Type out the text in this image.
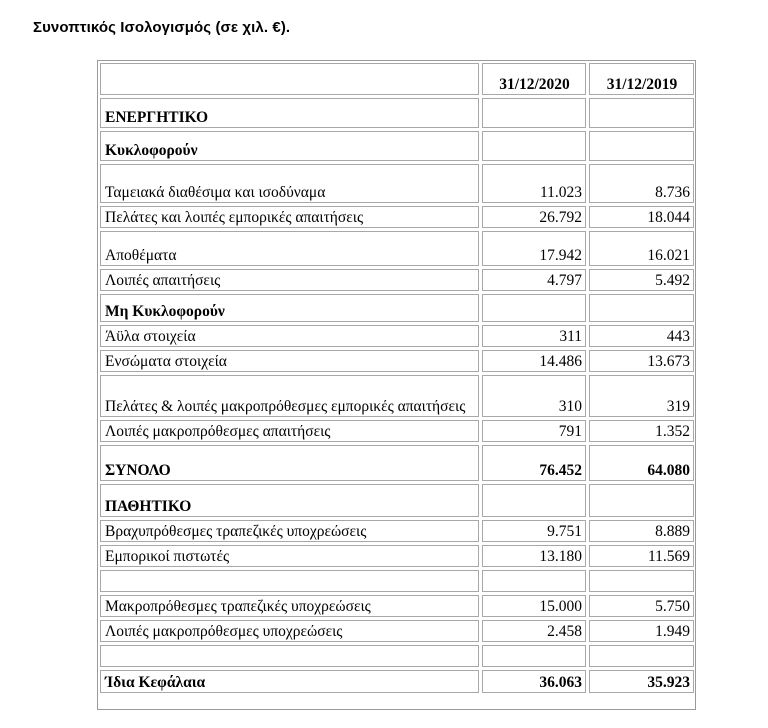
Συνοπτικός Ισολογισμός (σε χιλ. €).
	31/12/2020	31/12/2019
ΕΝΕΡΓΗΤΙΚΟ		
Κυκλοφορούν		
Ταμειακά διαθέσιμα και ισοδύναμα	11.023	8.736
Πελάτες και λοιπές εμπορικές απαιτήσεις	26.792	18.044
Αποθέματα	17.942	16.021
Λοιπές απαιτήσεις	4.797	5.492
Μη Κυκλοφορούν		
Άϋλα στοιχεία	311	443
Ενσώματα στοιχεία	14.486	13.673
Πελάτες & λοιπές μακροπρόθεσμες εμπορικές απαιτήσεις	310	319
Λοιπές μακροπρόθεσμες απαιτήσεις	791	1.352
ΣΥΝΟΛΟ	76.452	64.080
ΠΑΘΗΤΙΚΟ		
Βραχυπρόθεσμες τραπεζικές υποχρεώσεις	9.751	8.889
Εμπορικοί πιστωτές	13.180	11.569

Μακροπρόθεσμες τραπεζικές υποχρεώσεις	15.000	5.750
Λοιπές μακροπρόθεσμες υποχρεώσεις	2.458	1.949

Ίδια Κεφάλαια	36.063	35.923
